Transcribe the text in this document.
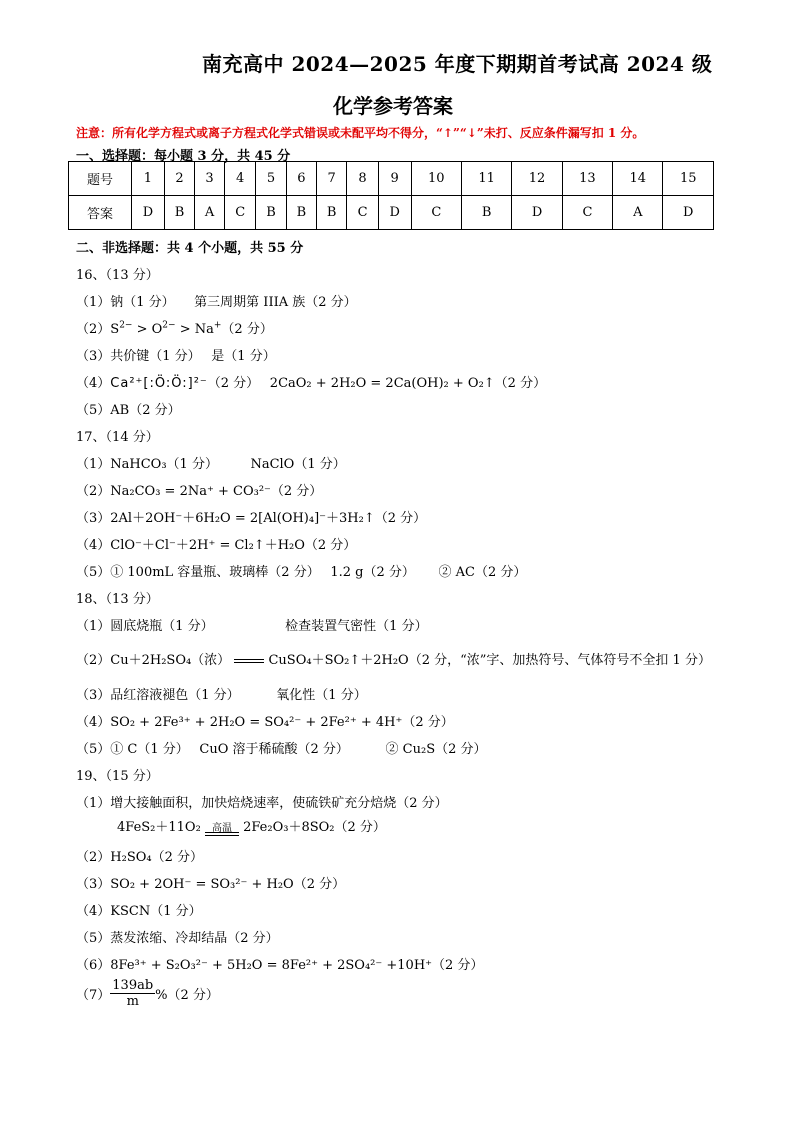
南充高中 2024—2025 年度下期期首考试高 2024 级
化学参考答案
注意：所有化学方程式或离子方程式化学式错误或未配平均不得分，“↑”“↓”未打、反应条件漏写扣 1 分。
一、选择题：每小题 3 分，共 45 分
题号	1	2	3	4	5	6	7	8	9	10	11	12	13	14	15
答案	D	B	A	C	B	B	B	C	D	C	B	D	C	A	D
二、非选择题：共 4 个小题，共 55 分
16、（13 分）
（1）钠（1 分）　　第三周期第 IIIA 族（2 分）
$(2)S^{2-} > O^{2-} > Na^+(2$ 分）
（3）共价键（1 分）　 是（1 分）
（4）Ca²⁺[:Ö:Ö:]²⁻（2 分）　 2CaO₂ + 2H₂O = 2Ca(OH)₂ + O₂↑（2 分）
（5）AB（2 分）
17、（14 分）
（1）NaHCO₃（1 分）　　　NaClO（1 分）
（2）Na₂CO₃ = 2Na⁺ + CO₃²⁻（2 分）
（3）2Al＋2OH⁻＋6H₂O = 2[Al(OH)₄]⁻＋3H₂↑（2 分）
（4）ClO⁻＋Cl⁻＋2H⁺ = Cl₂↑＋H₂O（2 分）
（5）① 100mL 容量瓶、玻璃棒（2 分）　 1.2 g（2 分）　　 ② AC（2 分）
18、（13 分）
（1）圆底烧瓶（1 分）　　　　　　检查装置气密性（1 分）
（2）Cu＋2H₂SO₄（浓）	CuSO₄＋SO₂↑＋2H₂O（2 分，“浓”字、加热符号、气体符号不全扣 1 分）
（3）品红溶液褪色（1 分）　　　 氧化性（1 分）
（4）SO₂ + 2Fe³⁺ + 2H₂O = SO₄²⁻ + 2Fe²⁺ + 4H⁺（2 分）
（5）① C（1 分）　 CuO 溶于稀硫酸（2 分）　　　 ② Cu₂S（2 分）
19、（15 分）
（1）增大接触面积，加快焙烧速率，使硫铁矿充分焙烧（2 分）
4FeS₂＋11O₂	高温 2Fe₂O₃＋8SO₂（2 分）
（2）H₂SO₄（2 分）
（3）SO₂ + 2OH⁻ = SO₃²⁻ + H₂O（2 分）
（4）KSCN（1 分）
（5）蒸发浓缩、冷却结晶（2 分）
（6）8Fe³⁺ + S₂O₃²⁻ + 5H₂O = 8Fe²⁺ + 2SO₄²⁻ +10H⁺（2 分）
$(7) \frac{139ab}{m} \%(2$ 分）
